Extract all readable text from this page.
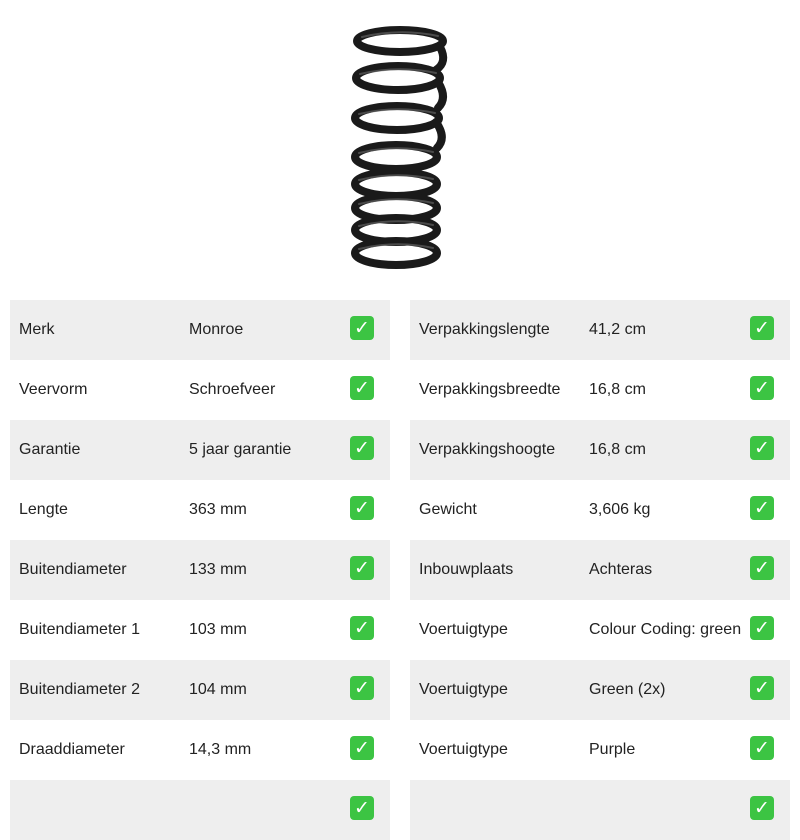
Merk	Monroe	✓
Veervorm	Schroefveer	✓
Garantie	5 jaar garantie	✓
Lengte	363 mm	✓
Buitendiameter	133 mm	✓
Buitendiameter 1	103 mm	✓
Buitendiameter 2	104 mm	✓
Draaddiameter	14,3 mm	✓
✓
Verpakkingslengte 41,2 cm	✓
Verpakkingsbreedte 16,8 cm	✓
Verpakkingshoogte 16,8 cm	✓
Gewicht	3,606 kg	✓
Inbouwplaats	Achteras	✓
Voertuigtype	Colour Coding: green ✓
Voertuigtype	Green (2x)	✓
Voertuigtype	Purple	✓
✓
